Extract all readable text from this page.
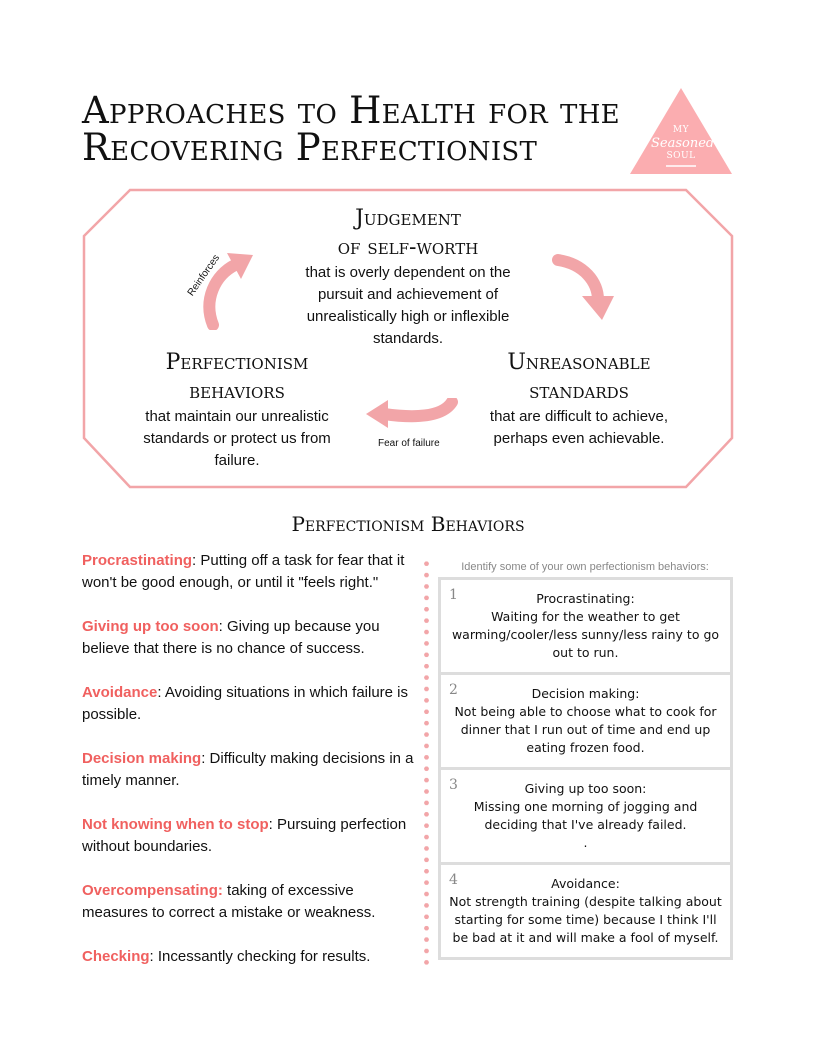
Approaches to Health for the
Recovering Perfectionist	MY
Seasoned
SOUL
Judgement
of self-worth
that is overly dependent on the pursuit and achievement of unrealistically high or inflexible standards.
Unreasonable
standards
that are difficult to achieve, perhaps even achievable.
Perfectionism
behaviors
that maintain our unrealistic standards or protect us from failure.
Reinforces
Fear of failure
Perfectionism Behaviors
Procrastinating: Putting off a task for fear that it won't be good enough, or until it "feels right."
Giving up too soon: Giving up because you believe that there is no chance of success.
Avoidance: Avoiding situations in which failure is possible.
Decision making: Difficulty making decisions in a timely manner.
Not knowing when to stop: Pursuing perfection without boundaries.
Overcompensating: taking of excessive measures to correct a mistake or weakness.
Checking: Incessantly checking for results.
Identify some of your own perfectionism behaviors:
1	Procrastinating:
Waiting for the weather to get warming/cooler/less sunny/less rainy to go out to run.
2	Decision making:
Not being able to choose what to cook for dinner that I run out of time and end up eating frozen food.
3	Giving up too soon:
Missing one morning of jogging and deciding that I've already failed.
.
4	Avoidance:
Not strength training (despite talking about starting for some time) because I think I'll be bad at it and will make a fool of myself.
